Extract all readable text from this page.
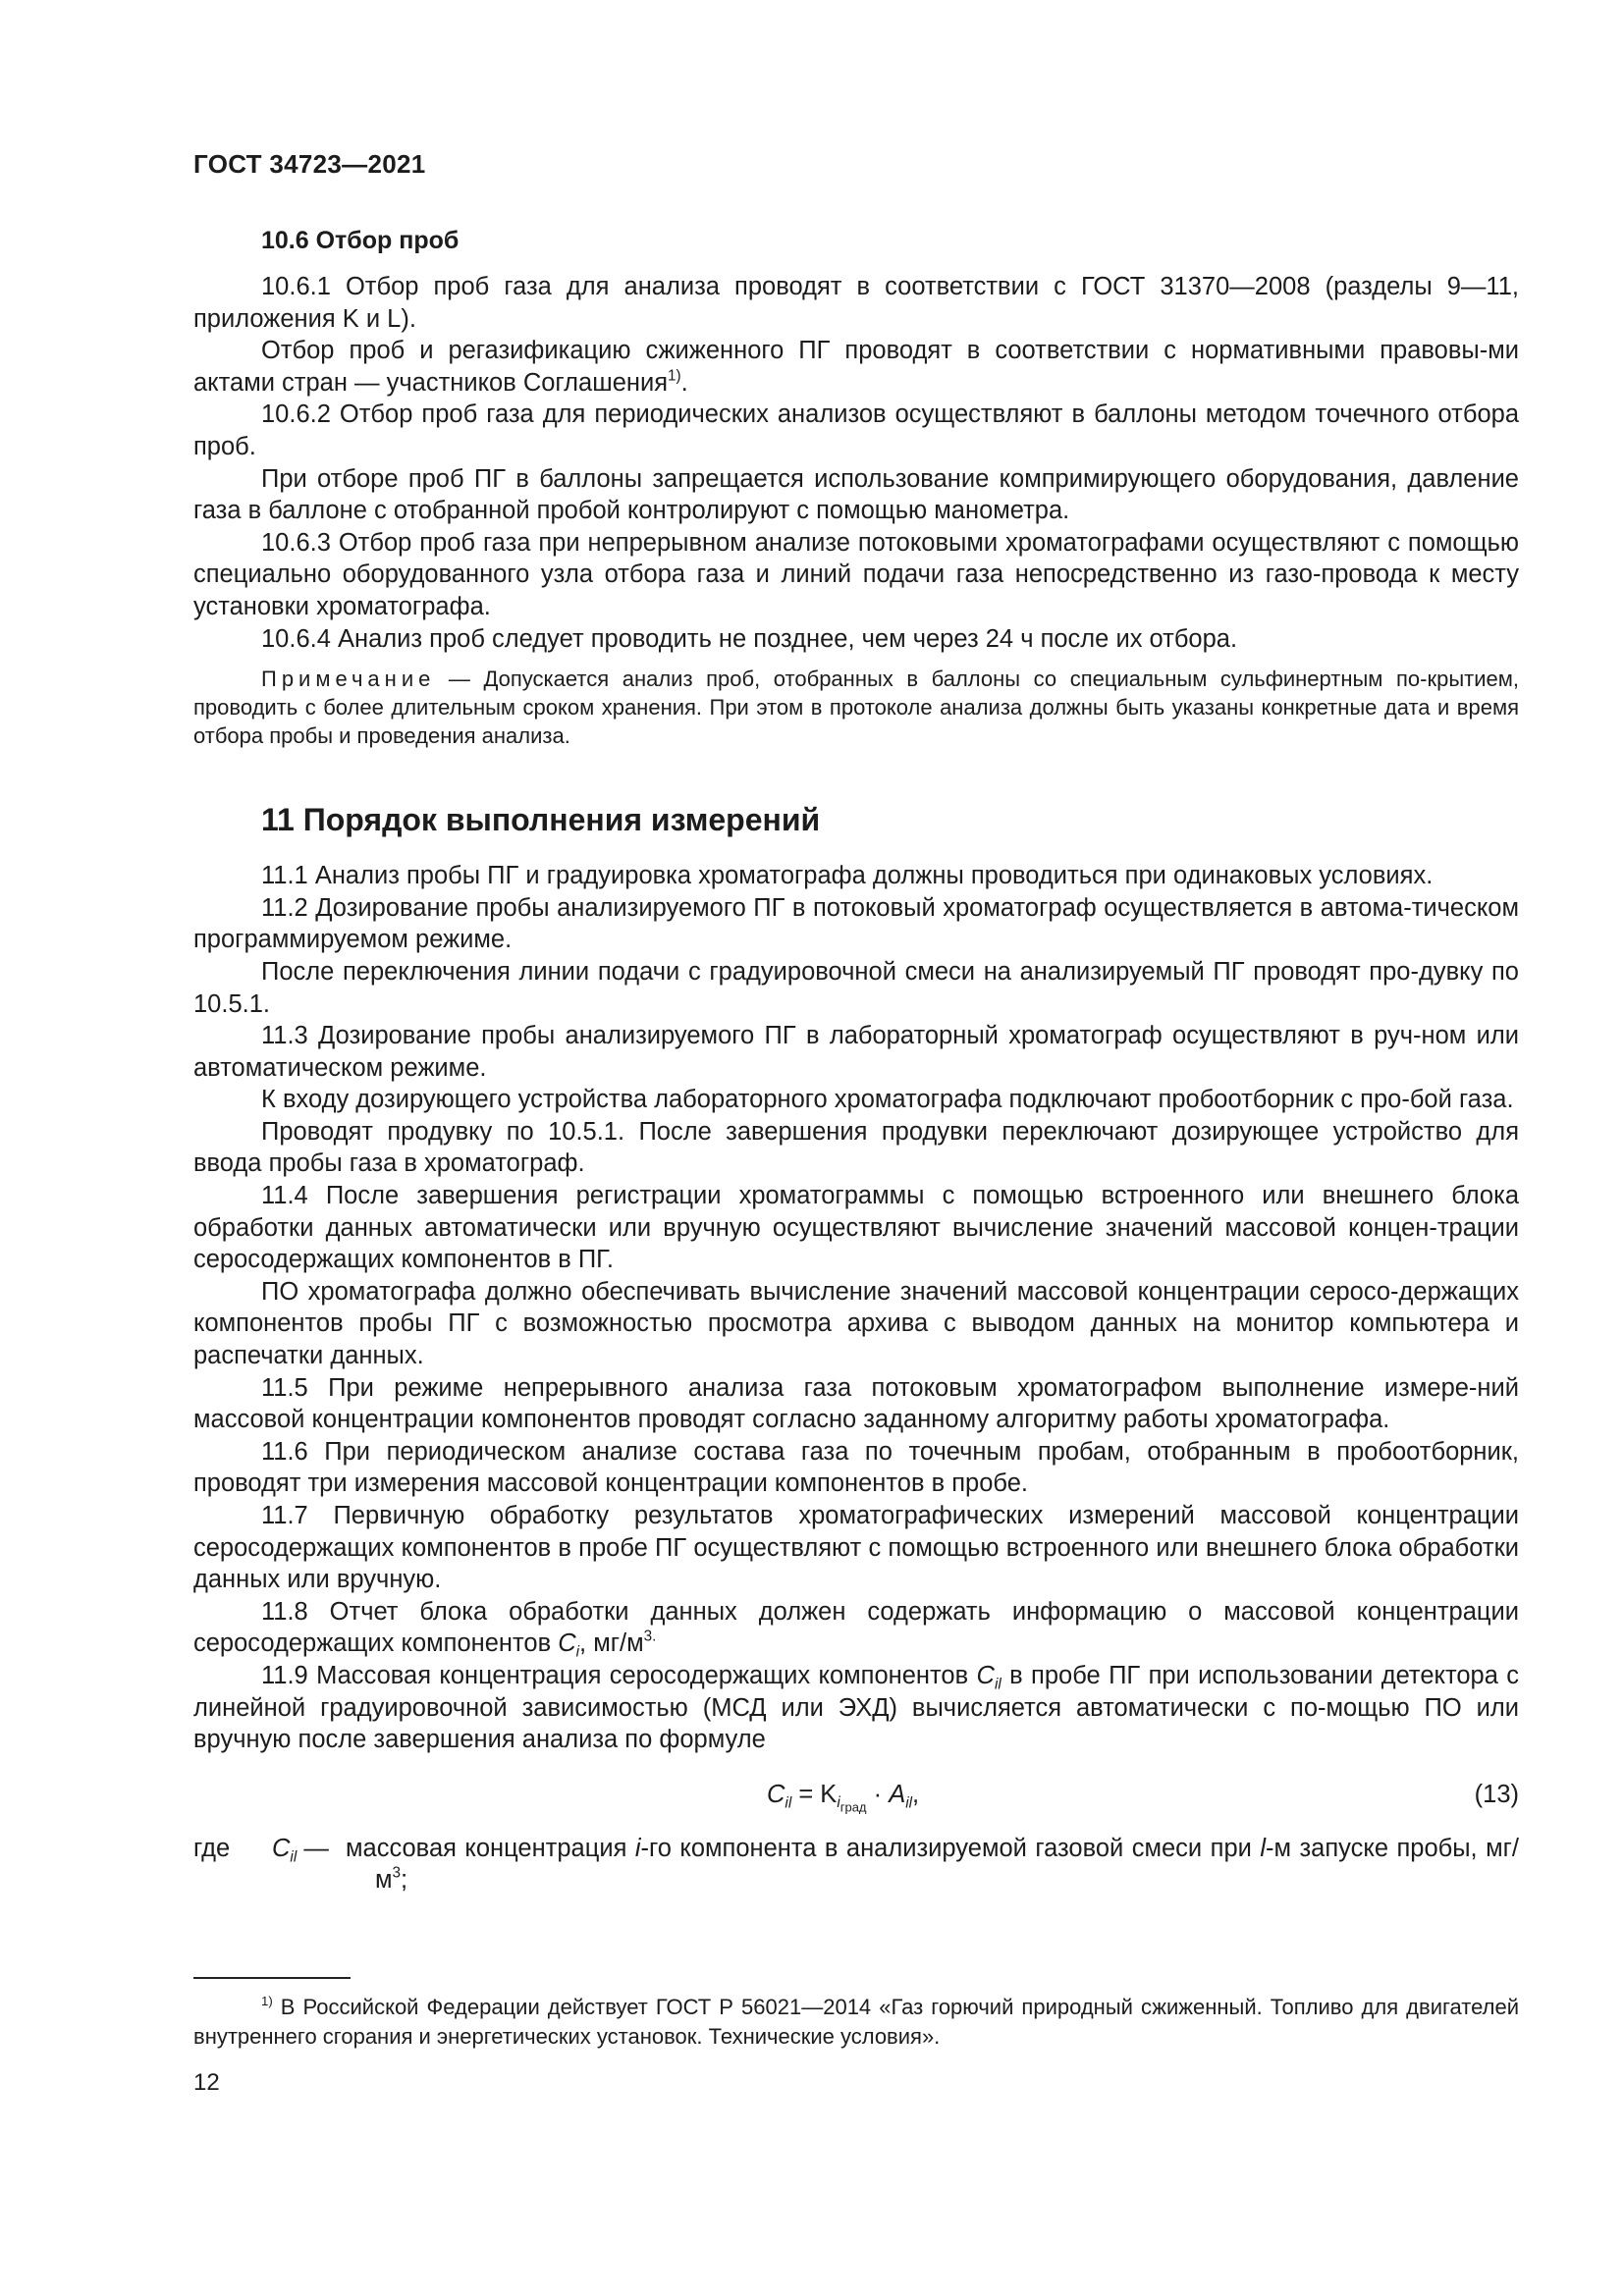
ГОСТ 34723—2021
10.6 Отбор проб

10.6.1 Отбор проб газа для анализа проводят в соответствии с ГОСТ 31370—2008 (разделы 9—11, приложения K и L).

Отбор проб и регазификацию сжиженного ПГ проводят в соответствии с нормативными правовы-ми актами стран — участников Соглашения$^{1)}$.

10.6.2 Отбор проб газа для периодических анализов осуществляют в баллоны методом точечного отбора проб.

При отборе проб ПГ в баллоны запрещается использование компримирующего оборудования, давление газа в баллоне с отобранной пробой контролируют с помощью манометра.

10.6.3 Отбор проб газа при непрерывном анализе потоковыми хроматографами осуществляют с помощью специально оборудованного узла отбора газа и линий подачи газа непосредственно из газо-провода к месту установки хроматографа.

10.6.4 Анализ проб следует проводить не позднее, чем через 24 ч после их отбора.

Примечание — Допускается анализ проб, отобранных в баллоны со специальным сульфинертным по-крытием, проводить с более длительным сроком хранения. При этом в протоколе анализа должны быть указаны конкретные дата и время отбора пробы и проведения анализа.

11 Порядок выполнения измерений

11.1 Анализ пробы ПГ и градуировка хроматографа должны проводиться при одинаковых условиях.

11.2 Дозирование пробы анализируемого ПГ в потоковый хроматограф осуществляется в автома-тическом программируемом режиме.

После переключения линии подачи с градуировочной смеси на анализируемый ПГ проводят про-дувку по 10.5.1.

11.3 Дозирование пробы анализируемого ПГ в лабораторный хроматограф осуществляют в руч-ном или автоматическом режиме.

К входу дозирующего устройства лабораторного хроматографа подключают пробоотборник с про-бой газа.

Проводят продувку по 10.5.1. После завершения продувки переключают дозирующее устройство для ввода пробы газа в хроматограф.

11.4 После завершения регистрации хроматограммы с помощью встроенного или внешнего блока обработки данных автоматически или вручную осуществляют вычисление значений массовой концен-трации серосодержащих компонентов в ПГ.

ПО хроматографа должно обеспечивать вычисление значений массовой концентрации серосо-держащих компонентов пробы ПГ с возможностью просмотра архива с выводом данных на монитор компьютера и распечатки данных.

11.5 При режиме непрерывного анализа газа потоковым хроматографом выполнение измере-ний массовой концентрации компонентов проводят согласно заданному алгоритму работы хроматографа.

11.6 При периодическом анализе состава газа по точечным пробам, отобранным в пробоотборник, проводят три измерения массовой концентрации компонентов в пробе.

11.7 Первичную обработку результатов хроматографических измерений массовой концентрации серосодержащих компонентов в пробе ПГ осуществляют с помощью встроенного или внешнего блока обработки данных или вручную.

11.8 Отчет блока обработки данных должен содержать информацию о массовой концентрации серосодержащих компонентов $C_i$, $мг/м^{3.}$

11.9 Массовая концентрация серосодержащих компонентов $C_{il}$ в пробе ПГ при использовании детектора с линейной градуировочной зависимостью (МСД или ЭХД) вычисляется автоматически с по-мощью ПО или вручную после завершения анализа по формуле

$C_{il} = K_{i_{град}} \cdot A_{il}$,	(13)
где $C_{il}$ — массовая концентрация i-го компонента в анализируемой газовой смеси при l-м запуске пробы, $мг/м^3$;

$^{1)}$ В Российской Федерации действует ГОСТ Р 56021—2014 «Газ горючий природный сжиженный. Топливо для двигателей внутреннего сгорания и энергетических установок. Технические условия».

12
